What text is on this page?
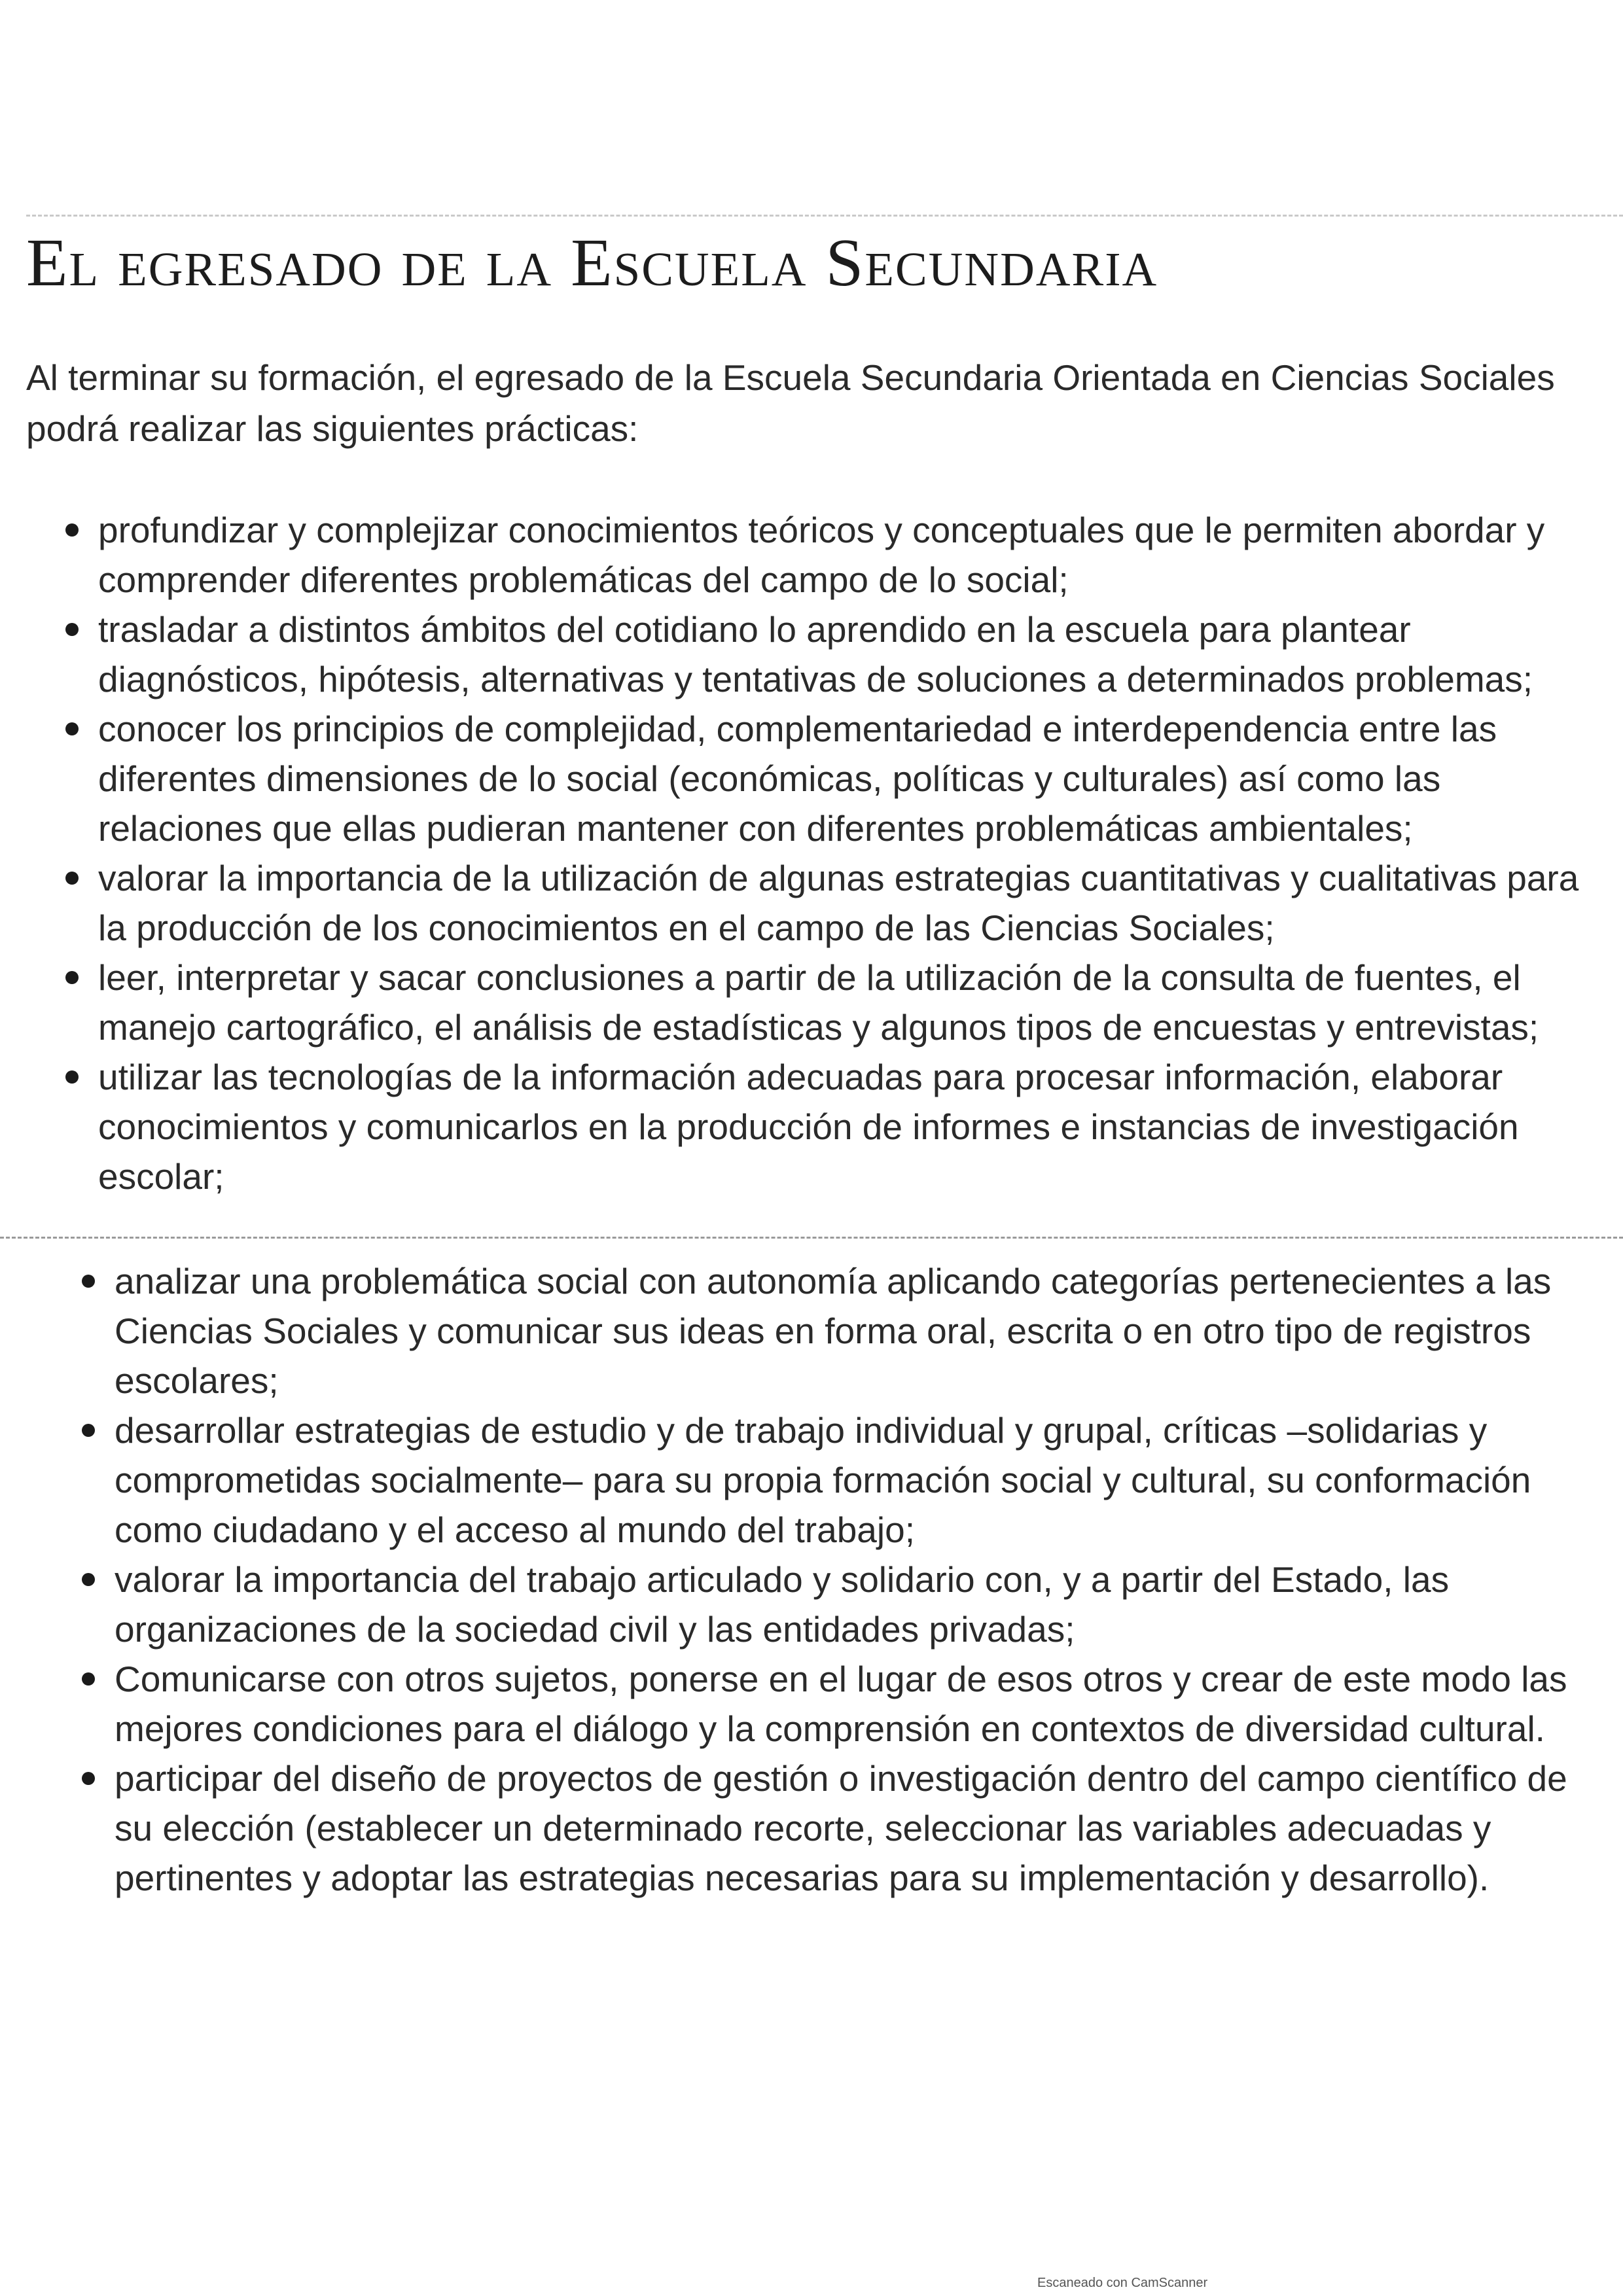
El egresado de la Escuela Secundaria

Al terminar su formación, el egresado de la Escuela Secundaria Orientada en Ciencias Sociales podrá realizar las siguientes prácticas:

profundizar y complejizar conocimientos teóricos y conceptuales que le permiten abordar y comprender diferentes problemáticas del campo de lo social;
trasladar a distintos ámbitos del cotidiano lo aprendido en la escuela para plantear diagnósticos, hipótesis, alternativas y tentativas de soluciones a determinados problemas;
conocer los principios de complejidad, complementariedad e interdependencia entre las diferentes dimensiones de lo social (económicas, políticas y culturales) así como las relaciones que ellas pudieran mantener con diferentes problemáticas ambientales;
valorar la importancia de la utilización de algunas estrategias cuantitativas y cualitativas para la producción de los conocimientos en el campo de las Ciencias Sociales;
leer, interpretar y sacar conclusiones a partir de la utilización de la consulta de fuentes, el manejo cartográfico, el análisis de estadísticas y algunos tipos de encuestas y entrevistas;
utilizar las tecnologías de la información adecuadas para procesar información, elaborar conocimientos y comunicarlos en la producción de informes e instancias de investigación escolar;
analizar una problemática social con autonomía aplicando categorías pertenecientes a las Ciencias Sociales y comunicar sus ideas en forma oral, escrita o en otro tipo de registros escolares;
desarrollar estrategias de estudio y de trabajo individual y grupal, críticas –solidarias y comprometidas socialmente– para su propia formación social y cultural, su conformación como ciudadano y el acceso al mundo del trabajo;
valorar la importancia del trabajo articulado y solidario con, y a partir del Estado, las organizaciones de la sociedad civil y las entidades privadas;
Comunicarse con otros sujetos, ponerse en el lugar de esos otros y crear de este modo las mejores condiciones para el diálogo y la comprensión en contextos de diversidad cultural.
participar del diseño de proyectos de gestión o investigación dentro del campo científico de su elección (establecer un determinado recorte, seleccionar las variables adecuadas y pertinentes y adoptar las estrategias necesarias para su implementación y desarrollo).
Escaneado con CamScanner
